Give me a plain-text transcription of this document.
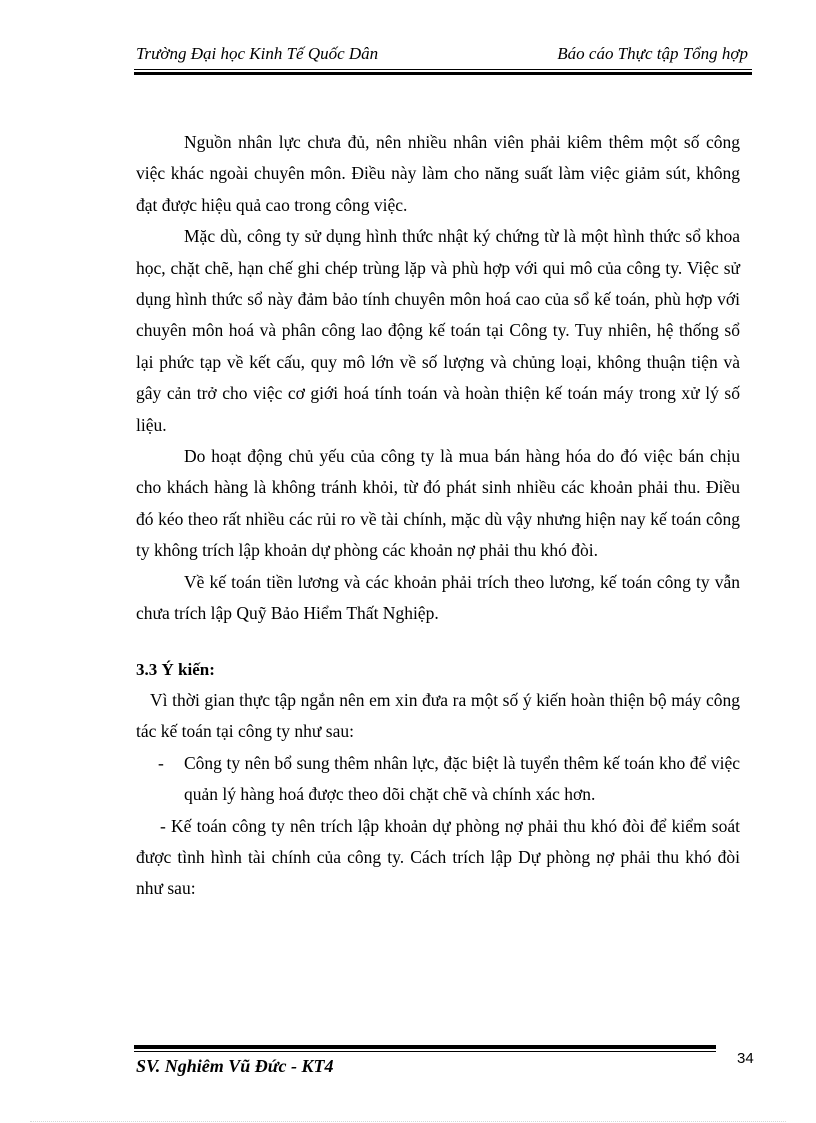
Trường Đại học Kinh Tế Quốc Dân	Báo cáo Thực tập Tổng hợp

Nguồn nhân lực chưa đủ, nên nhiều nhân viên phải kiêm thêm một số công việc khác ngoài chuyên môn. Điều này làm cho năng suất làm việc giảm sút, không đạt được hiệu quả cao trong công việc.

Mặc dù, công ty sử dụng hình thức nhật ký chứng từ là một hình thức sổ khoa học, chặt chẽ, hạn chế ghi chép trùng lặp và phù hợp với qui mô của công ty. Việc sử dụng hình thức sổ này đảm bảo tính chuyên môn hoá cao của sổ kế toán, phù hợp với chuyên môn hoá và phân công lao động kế toán tại Công ty. Tuy nhiên, hệ thống sổ lại phức tạp về kết cấu, quy mô lớn về số lượng và chủng loại, không thuận tiện và gây cản trở cho việc cơ giới hoá tính toán và hoàn thiện kế toán máy trong xử lý số liệu.

Do hoạt động chủ yếu của công ty là mua bán hàng hóa do đó việc bán chịu cho khách hàng là không tránh khỏi, từ đó phát sinh nhiều các khoản phải thu. Điều đó kéo theo rất nhiều các rủi ro về tài chính, mặc dù vậy nhưng hiện nay kế toán công ty không trích lập khoản dự phòng các khoản nợ phải thu khó đòi.

Về kế toán tiền lương và các khoản phải trích theo lương, kế toán công ty vẫn chưa trích lập Quỹ Bảo Hiểm Thất Nghiệp.

3.3 Ý kiến:

Vì thời gian thực tập ngắn nên em xin đưa ra một số ý kiến hoàn thiện bộ máy công tác kế toán tại công ty như sau:

- Công ty nên bổ sung thêm nhân lực, đặc biệt là tuyển thêm kế toán kho để việc quản lý hàng hoá được theo dõi chặt chẽ và chính xác hơn.

- Kế toán công ty nên trích lập khoản dự phòng nợ phải thu khó đòi để kiểm soát được tình hình tài chính của công ty. Cách trích lập Dự phòng nợ phải thu khó đòi như sau:

SV. Nghiêm Vũ Đức - KT4	34
